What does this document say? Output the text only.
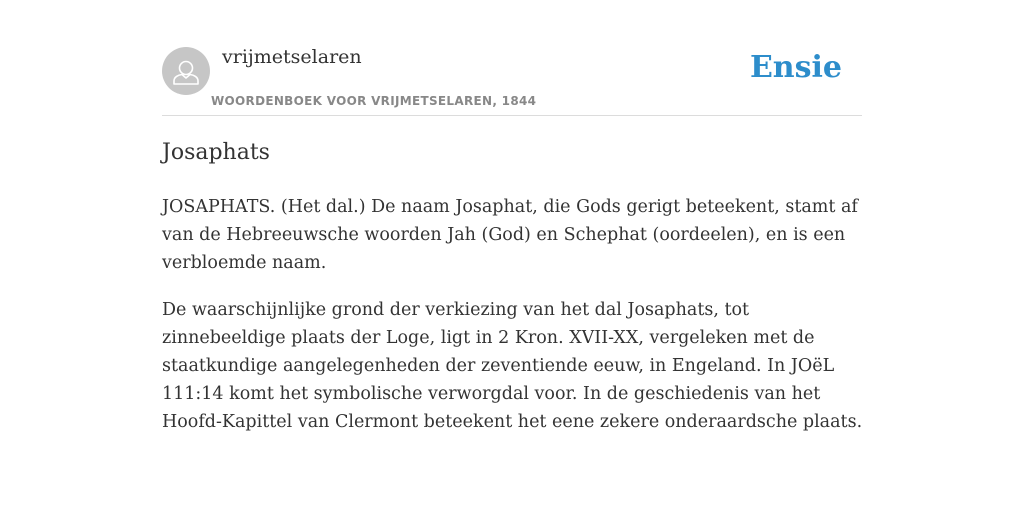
vrijmetselaren
WOORDENBOEK VOOR VRIJMETSELAREN, 1844
Ensie
Josaphats

JOSAPHATS. (Het dal.) De naam Josaphat, die Gods gerigt beteekent, stamt af van de Hebreeuwsche woorden Jah (God) en Schephat (oordeelen), en is een verbloemde naam.

De waarschijnlijke grond der verkiezing van het dal Josaphats, tot zinnebeeldige plaats der Loge, ligt in 2 Kron. XVII-XX, vergeleken met de staatkundige aangelegenheden der zeventiende eeuw, in Engeland. In JOëL 111:14 komt het symbolische verworgdal voor. In de geschiedenis van het Hoofd-Kapittel van Clermont beteekent het eene zekere onderaardsche plaats.
